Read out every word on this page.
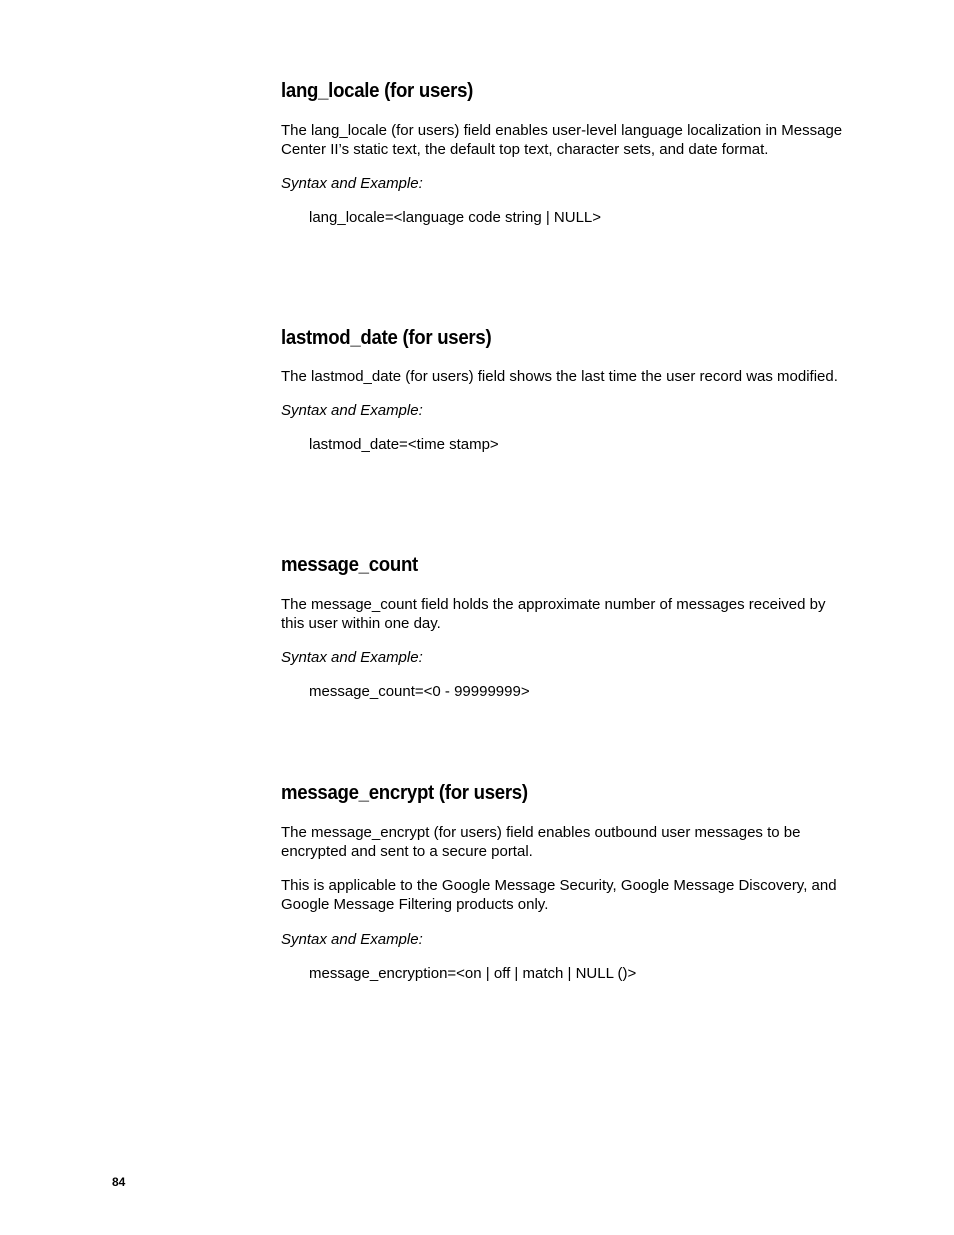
lang_locale (for users)

The lang_locale (for users) field enables user-level language localization in Message Center II’s static text, the default top text, character sets, and date format.

Syntax and Example:

lang_locale=<language code string | NULL>

lastmod_date (for users)

The lastmod_date (for users) field shows the last time the user record was modified.

Syntax and Example:

lastmod_date=<time stamp>

message_count

The message_count field holds the approximate number of messages received by this user within one day.

Syntax and Example:

message_count=<0 - 99999999>

message_encrypt (for users)

The message_encrypt (for users) field enables outbound user messages to be encrypted and sent to a secure portal.

This is applicable to the Google Message Security, Google Message Discovery, and Google Message Filtering products only.

Syntax and Example:

message_encryption=<on | off | match | NULL ()>

84
